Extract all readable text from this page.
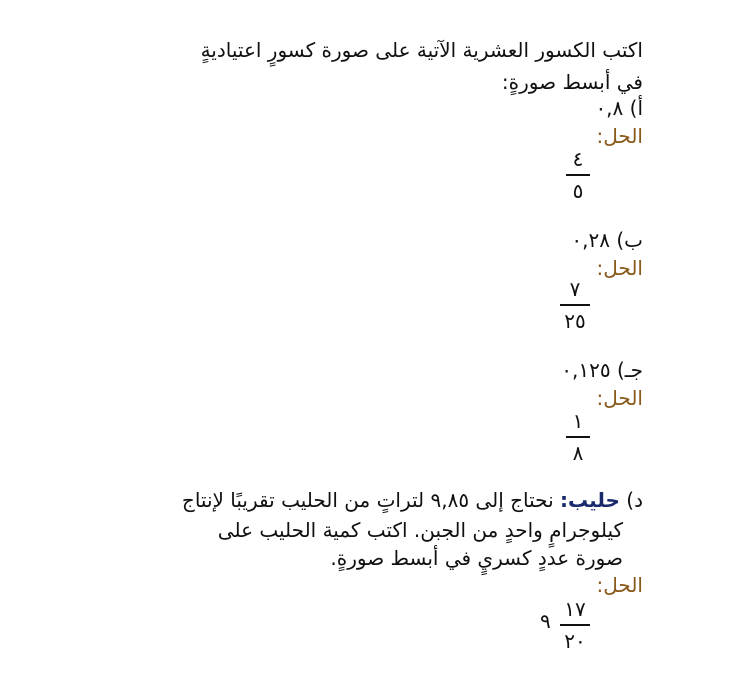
اكتب الكسور العشرية الآتية على صورة كسورٍ اعتياديةٍ
في أبسط صورةٍ:
أ) ٠,٨
الحل:
٤
٥
ب) ٠,٢٨
الحل:
٧
٢٥
جـ) ٠,١٢٥
الحل:
١
٨
د) حليب: نحتاج إلى ٩,٨٥ لتراتٍ من الحليب تقريبًا لإنتاج
كيلوجرامٍ واحدٍ من الجبن. اكتب كمية الحليب على
صورة عددٍ كسريٍ في أبسط صورةٍ.
الحل:
١٧
٢٠
٩
